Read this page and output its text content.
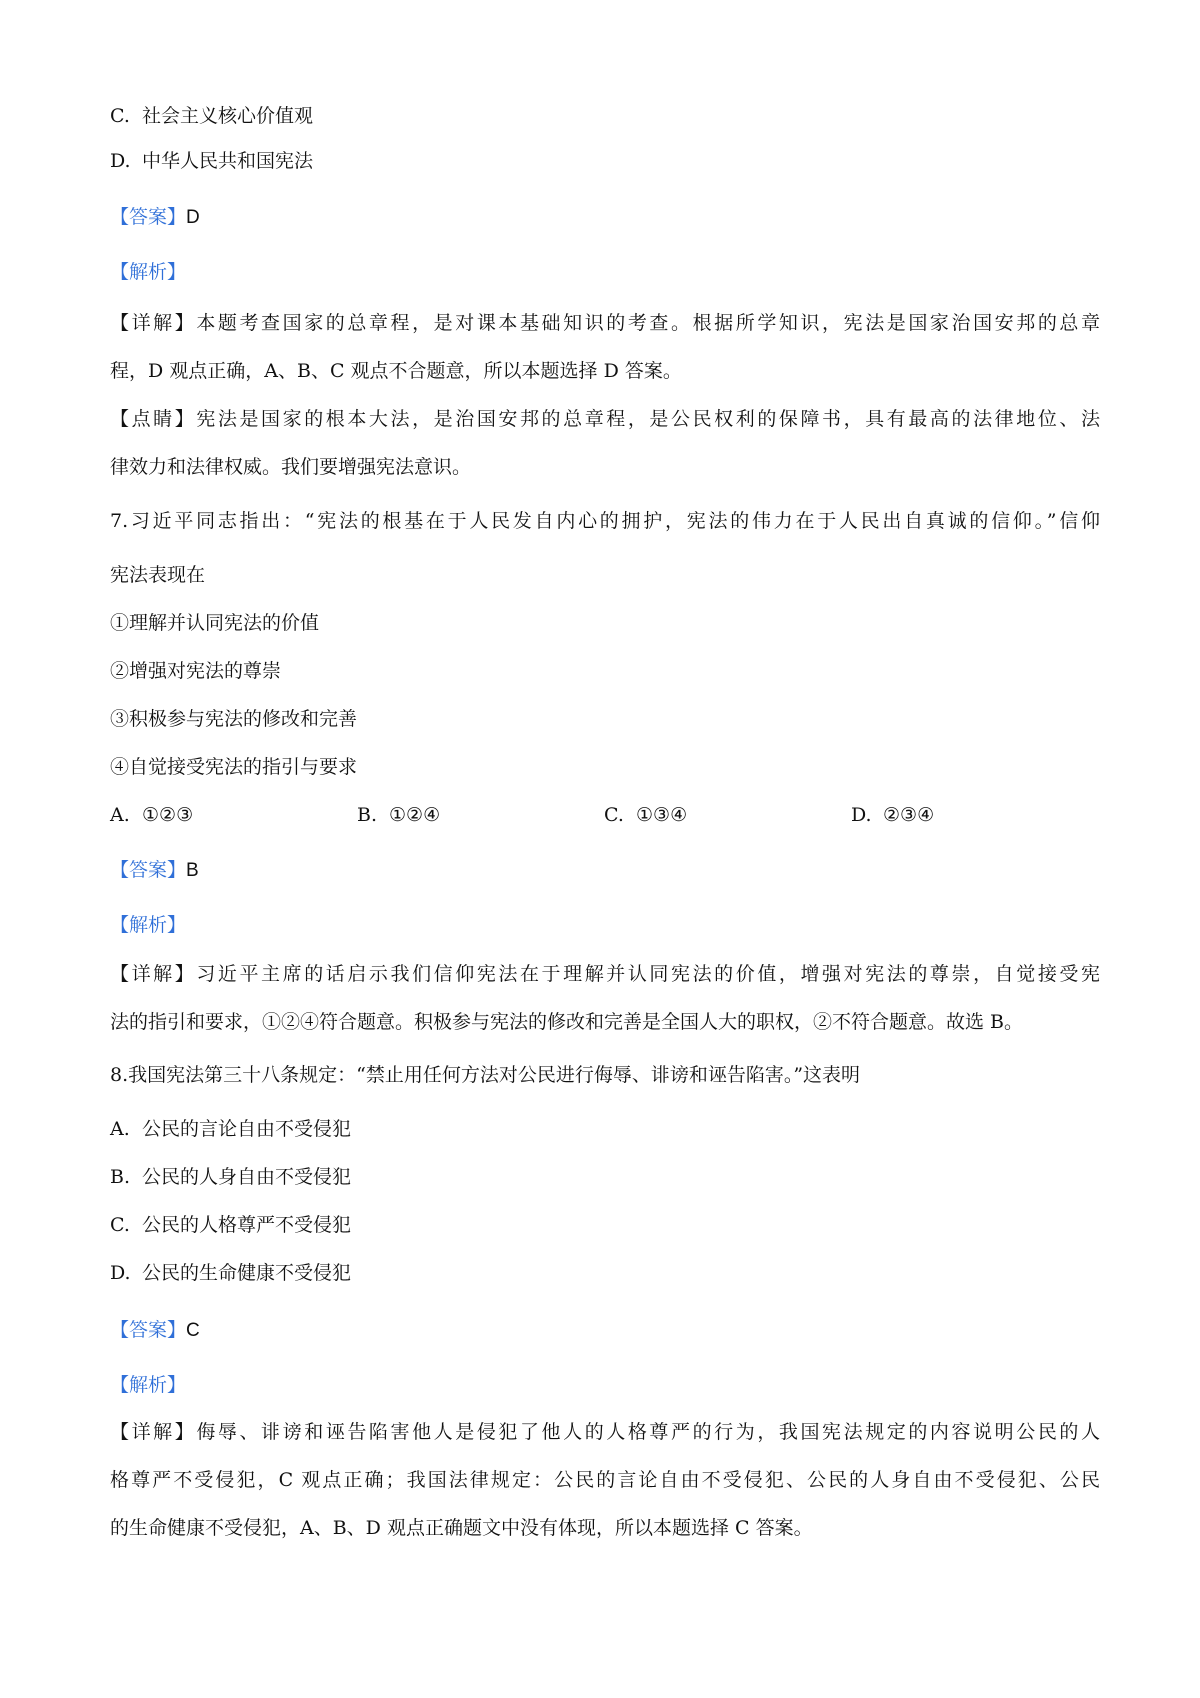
C. 社会主义核心价值观
D. 中华人民共和国宪法
【答案】D
【解析】
【详解】本题考查国家的总章程，是对课本基础知识的考查。根据所学知识，宪法是国家治国安邦的总章
程，D 观点正确，A、B、C 观点不合题意，所以本题选择 D 答案。
【点睛】宪法是国家的根本大法，是治国安邦的总章程，是公民权利的保障书，具有最高的法律地位、法
律效力和法律权威。我们要增强宪法意识。
7.习近平同志指出：“宪法的根基在于人民发自内心的拥护，宪法的伟力在于人民出自真诚的信仰。”信仰
宪法表现在
①理解并认同宪法的价值
②增强对宪法的尊崇
③积极参与宪法的修改和完善
④自觉接受宪法的指引与要求
A. ①②③	B. ①②④	C. ①③④	D. ②③④
【答案】B
【解析】
【详解】习近平主席的话启示我们信仰宪法在于理解并认同宪法的价值，增强对宪法的尊崇，自觉接受宪
法的指引和要求，①②④符合题意。积极参与宪法的修改和完善是全国人大的职权，②不符合题意。故选 B。
8.我国宪法第三十八条规定：“禁止用任何方法对公民进行侮辱、诽谤和诬告陷害。”这表明
A. 公民的言论自由不受侵犯
B. 公民的人身自由不受侵犯
C. 公民的人格尊严不受侵犯
D. 公民的生命健康不受侵犯
【答案】C
【解析】
【详解】侮辱、诽谤和诬告陷害他人是侵犯了他人的人格尊严的行为，我国宪法规定的内容说明公民的人
格尊严不受侵犯，C 观点正确；我国法律规定：公民的言论自由不受侵犯、公民的人身自由不受侵犯、公民
的生命健康不受侵犯，A、B、D 观点正确题文中没有体现，所以本题选择 C 答案。
